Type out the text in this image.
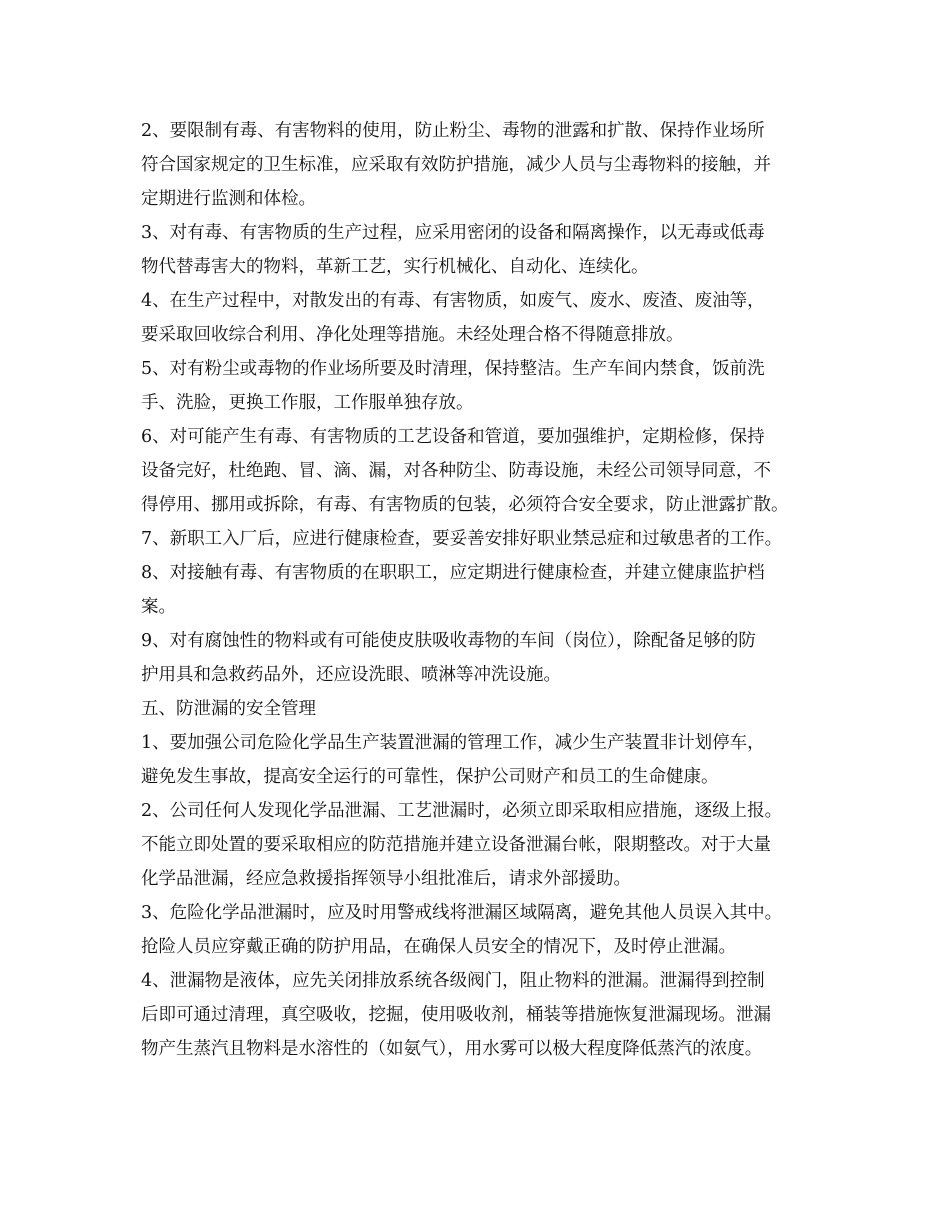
2、要限制有毒、有害物料的使用，防止粉尘、毒物的泄露和扩散、保持作业场所
符合国家规定的卫生标准，应采取有效防护措施，减少人员与尘毒物料的接触，并
定期进行监测和体检。
3、对有毒、有害物质的生产过程，应采用密闭的设备和隔离操作，以无毒或低毒
物代替毒害大的物料，革新工艺，实行机械化、自动化、连续化。
4、在生产过程中，对散发出的有毒、有害物质，如废气、废水、废渣、废油等，
要采取回收综合利用、净化处理等措施。未经处理合格不得随意排放。
5、对有粉尘或毒物的作业场所要及时清理，保持整洁。生产车间内禁食，饭前洗
手、洗脸，更换工作服，工作服单独存放。
6、对可能产生有毒、有害物质的工艺设备和管道，要加强维护，定期检修，保持
设备完好，杜绝跑、冒、滴、漏，对各种防尘、防毒设施，未经公司领导同意，不
得停用、挪用或拆除，有毒、有害物质的包装，必须符合安全要求，防止泄露扩散。
7、新职工入厂后，应进行健康检查，要妥善安排好职业禁忌症和过敏患者的工作。
8、对接触有毒、有害物质的在职职工，应定期进行健康检查，并建立健康监护档
案。
9、对有腐蚀性的物料或有可能使皮肤吸收毒物的车间（岗位），除配备足够的防
护用具和急救药品外，还应设洗眼、喷淋等冲洗设施。
五、防泄漏的安全管理
1、要加强公司危险化学品生产装置泄漏的管理工作，减少生产装置非计划停车，
避免发生事故，提高安全运行的可靠性，保护公司财产和员工的生命健康。
2、公司任何人发现化学品泄漏、工艺泄漏时，必须立即采取相应措施，逐级上报。
不能立即处置的要采取相应的防范措施并建立设备泄漏台帐，限期整改。对于大量
化学品泄漏，经应急救援指挥领导小组批准后，请求外部援助。
3、危险化学品泄漏时，应及时用警戒线将泄漏区域隔离，避免其他人员误入其中。
抢险人员应穿戴正确的防护用品，在确保人员安全的情况下，及时停止泄漏。
4、泄漏物是液体，应先关闭排放系统各级阀门，阻止物料的泄漏。泄漏得到控制
后即可通过清理，真空吸收，挖掘，使用吸收剂，桶装等措施恢复泄漏现场。泄漏
物产生蒸汽且物料是水溶性的（如氨气），用水雾可以极大程度降低蒸汽的浓度。
